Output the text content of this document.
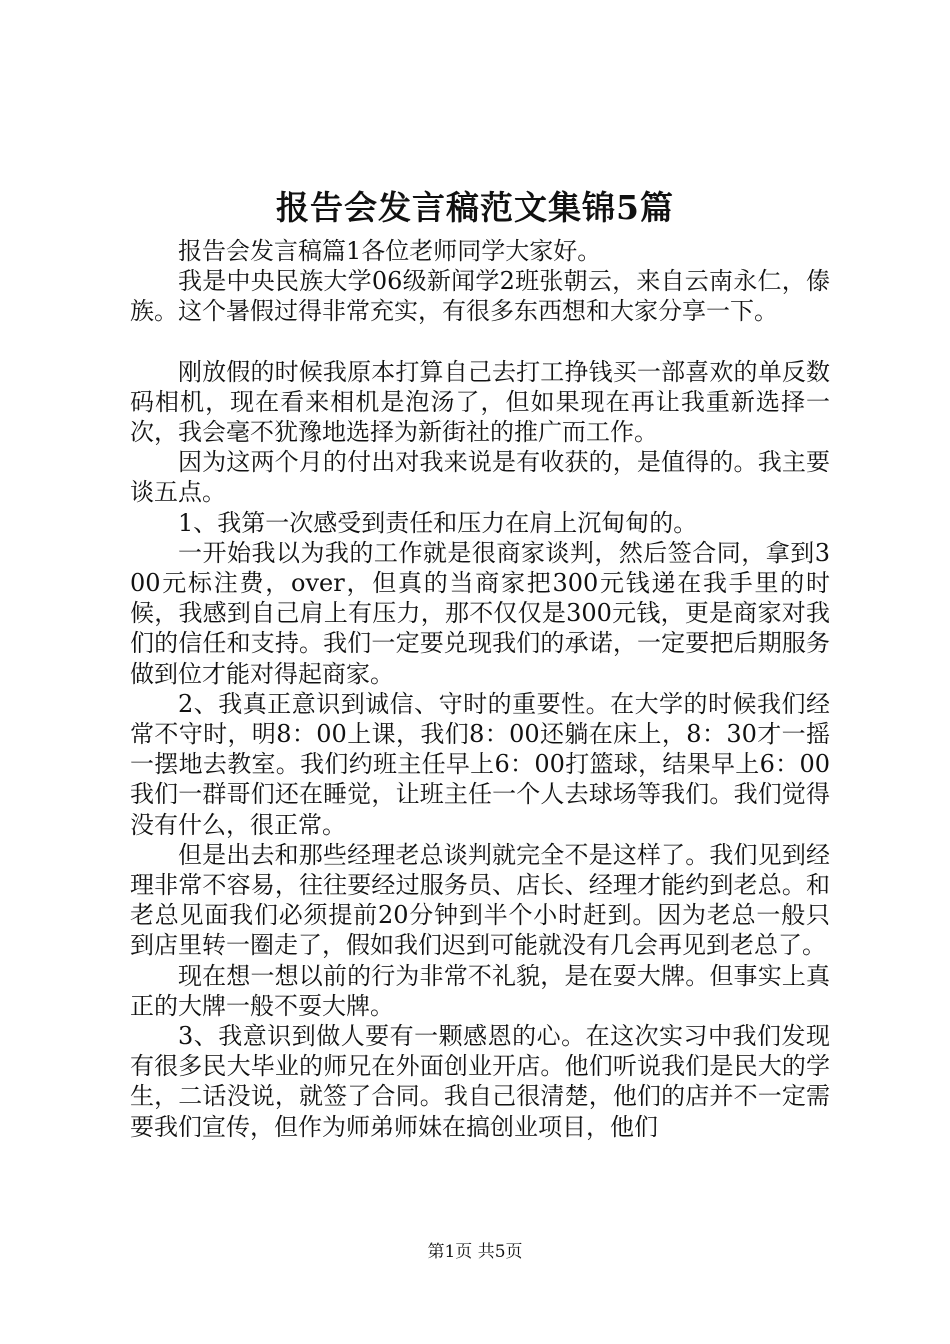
报告会发言稿范文集锦5篇

报告会发言稿篇1各位老师同学大家好。

我是中央民族大学06级新闻学2班张朝云，来自云南永仁，傣族。这个暑假过得非常充实，有很多东西想和大家分享一下。

刚放假的时候我原本打算自己去打工挣钱买一部喜欢的单反数码相机，现在看来相机是泡汤了，但如果现在再让我重新选择一次，我会毫不犹豫地选择为新街社的推广而工作。

因为这两个月的付出对我来说是有收获的，是值得的。我主要谈五点。

1、我第一次感受到责任和压力在肩上沉甸甸的。

一开始我以为我的工作就是很商家谈判，然后签合同，拿到300元标注费，over，但真的当商家把300元钱递在我手里的时候，我感到自己肩上有压力，那不仅仅是300元钱，更是商家对我们的信任和支持。我们一定要兑现我们的承诺，一定要把后期服务做到位才能对得起商家。

2、我真正意识到诚信、守时的重要性。在大学的时候我们经常不守时，明8：00上课，我们8：00还躺在床上，8：30才一摇一摆地去教室。我们约班主任早上6：00打篮球，结果早上6：00我们一群哥们还在睡觉，让班主任一个人去球场等我们。我们觉得没有什么，很正常。

但是出去和那些经理老总谈判就完全不是这样了。我们见到经理非常不容易，往往要经过服务员、店长、经理才能约到老总。和老总见面我们必须提前20分钟到半个小时赶到。因为老总一般只到店里转一圈走了，假如我们迟到可能就没有几会再见到老总了。

现在想一想以前的行为非常不礼貌，是在耍大牌。但事实上真正的大牌一般不耍大牌。

3、我意识到做人要有一颗感恩的心。在这次实习中我们发现有很多民大毕业的师兄在外面创业开店。他们听说我们是民大的学生，二话没说，就签了合同。我自己很清楚，他们的店并不一定需要我们宣传，但作为师弟师妹在搞创业项目，他们

第1页 共5页
